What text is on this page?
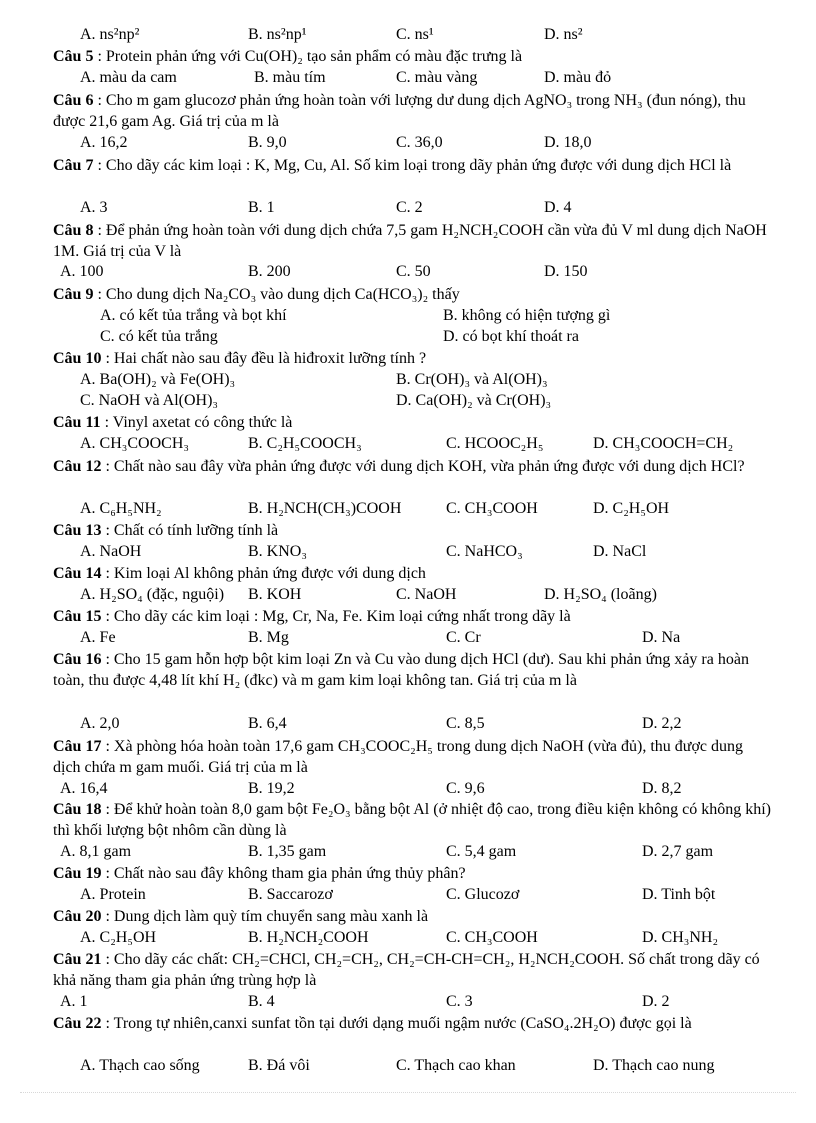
A. ns²np²	B. ns²np¹	C. ns¹	D. ns²
Câu 5 : Protein phản ứng với Cu(OH)₂ tạo sản phẩm có màu đặc trưng là
A. màu da cam	B. màu tím	C. màu vàng	D. màu đỏ
Câu 6 : Cho m gam glucozơ phản ứng hoàn toàn với lượng dư dung dịch AgNO₃ trong NH₃ (đun nóng), thu được 21,6 gam Ag. Giá trị của m là
A. 16,2	B. 9,0	C. 36,0	D. 18,0
Câu 7 : Cho dãy các kim loại : K, Mg, Cu, Al. Số kim loại trong dãy phản ứng được với dung dịch HCl là
A. 3	B. 1	C. 2	D. 4
Câu 8 : Để phản ứng hoàn toàn với dung dịch chứa 7,5 gam H₂NCH₂COOH cần vừa đủ V ml dung dịch NaOH 1M. Giá trị của V là
A. 100	B. 200	C. 50	D. 150
Câu 9 : Cho dung dịch Na₂CO₃ vào dung dịch Ca(HCO₃)₂ thấy
A. có kết tủa trắng và bọt khí	B. không có hiện tượng gì
C. có kết tủa trắng	D. có bọt khí thoát ra
Câu 10 : Hai chất nào sau đây đều là hiđroxit lưỡng tính ?
A. Ba(OH)₂ và Fe(OH)₃	B. Cr(OH)₃ và Al(OH)₃
C. NaOH và Al(OH)₃	D. Ca(OH)₂ và Cr(OH)₃
Câu 11 : Vinyl axetat có công thức là
A. CH₃COOCH₃	B. C₂H₅COOCH₃	C. HCOOC₂H₅	D. CH₃COOCH=CH₂
Câu 12 : Chất nào sau đây vừa phản ứng được với dung dịch KOH, vừa phản ứng được với dung dịch HCl?
A. C₆H₅NH₂	B. H₂NCH(CH₃)COOH	C. CH₃COOH	D. C₂H₅OH
Câu 13 : Chất có tính lưỡng tính là
A. NaOH	B. KNO₃	C. NaHCO₃	D. NaCl
Câu 14 : Kim loại Al không phản ứng được với dung dịch
A. H₂SO₄ (đặc, nguội) B. KOH	C. NaOH	D. H₂SO₄ (loãng)
Câu 15 : Cho dãy các kim loại : Mg, Cr, Na, Fe. Kim loại cứng nhất trong dãy là
A. Fe	B. Mg	C. Cr	D. Na
Câu 16 : Cho 15 gam hỗn hợp bột kim loại Zn và Cu vào dung dịch HCl (dư). Sau khi phản ứng xảy ra hoàn toàn, thu được 4,48 lít khí H₂ (đkc) và m gam kim loại không tan. Giá trị của m là
A. 2,0	B. 6,4	C. 8,5	D. 2,2
Câu 17 : Xà phòng hóa hoàn toàn 17,6 gam CH₃COOC₂H₅ trong dung dịch NaOH (vừa đủ), thu được dung dịch chứa m gam muối. Giá trị của m là
A. 16,4	B. 19,2	C. 9,6	D. 8,2
Câu 18 : Để khử hoàn toàn 8,0 gam bột Fe₂O₃ bằng bột Al (ở nhiệt độ cao, trong điều kiện không có không khí) thì khối lượng bột nhôm cần dùng là
A. 8,1 gam	B. 1,35 gam	C. 5,4 gam	D. 2,7 gam
Câu 19 : Chất nào sau đây không tham gia phản ứng thủy phân?
A. Protein	B. Saccarozơ	C. Glucozơ	D. Tinh bột
Câu 20 : Dung dịch làm quỳ tím chuyển sang màu xanh là
A. C₂H₅OH	B. H₂NCH₂COOH	C. CH₃COOH	D. CH₃NH₂
Câu 21 : Cho dãy các chất: CH₂=CHCl, CH₂=CH₂, CH₂=CH-CH=CH₂, H₂NCH₂COOH. Số chất trong dãy có khả năng tham gia phản ứng trùng hợp là
A. 1	B. 4	C. 3	D. 2
Câu 22 : Trong tự nhiên,canxi sunfat tồn tại dưới dạng muối ngậm nước (CaSO₄.2H₂O) được gọi là
A. Thạch cao sống	B. Đá vôi	C. Thạch cao khan	D. Thạch cao nung
